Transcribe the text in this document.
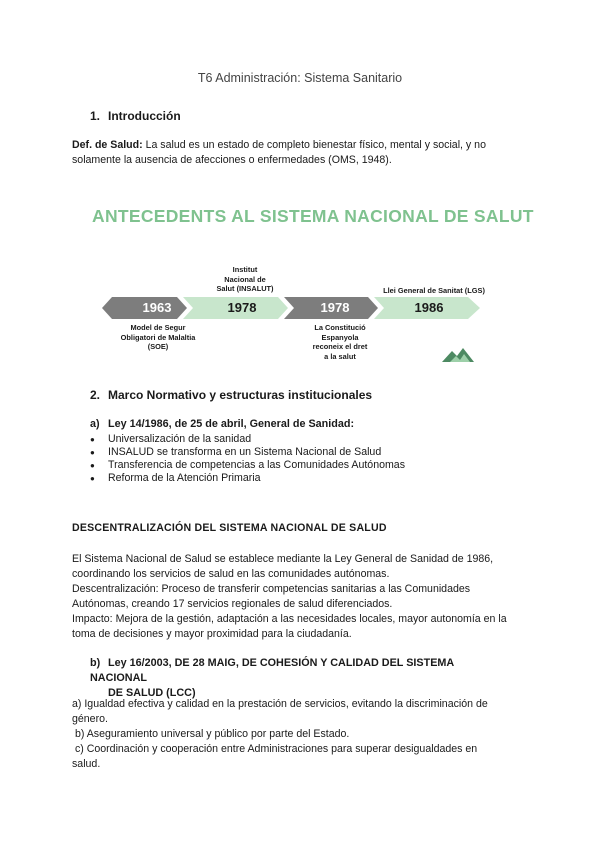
T6 Administración: Sistema Sanitario
1. Introducción
Def. de Salud: La salud es un estado de completo bienestar físico, mental y social, y no
solamente la ausencia de afecciones o enfermedades (OMS, 1948).
ANTECEDENTS AL SISTEMA NACIONAL DE SALUT
1963	1978	1978	1986
Model de Segur
Obligatori de Malaltia
(SOE)
Institut
Nacional de
Salut (INSALUT)
La Constitució
Espanyola
reconeix el dret
a la salut
Llei General de Sanitat (LGS)
2. Marco Normativo y estructuras institucionales
a) Ley 14/1986, de 25 de abril, General de Sanidad:
● Universalización de la sanidad
● INSALUD se transforma en un Sistema Nacional de Salud
● Transferencia de competencias a las Comunidades Autónomas
● Reforma de la Atención Primaria
DESCENTRALIZACIÓN DEL SISTEMA NACIONAL DE SALUD
El Sistema Nacional de Salud se establece mediante la Ley General de Sanidad de 1986,
coordinando los servicios de salud en las comunidades autónomas.
Descentralización: Proceso de transferir competencias sanitarias a las Comunidades
Autónomas, creando 17 servicios regionales de salud diferenciados.
Impacto: Mejora de la gestión, adaptación a las necesidades locales, mayor autonomía en la
toma de decisiones y mayor proximidad para la ciudadanía.
b) Ley 16/2003, DE 28 MAIG, DE COHESIÓN Y CALIDAD DEL SISTEMA NACIONAL
DE SALUD (LCC)
a) Igualdad efectiva y calidad en la prestación de servicios, evitando la discriminación de
género.
b) Aseguramiento universal y público por parte del Estado.
c) Coordinación y cooperación entre Administraciones para superar desigualdades en
salud.
